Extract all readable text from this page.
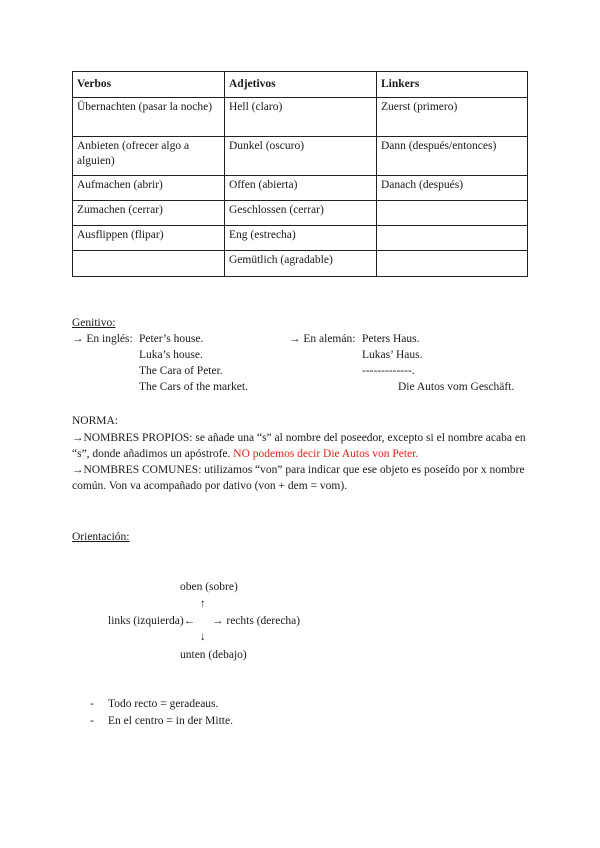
Verbos	Adjetivos	Linkers
Übernachten (pasar la noche)	Hell (claro)	Zuerst (primero)
Anbieten (ofrecer algo a alguien)	Dunkel (oscuro)	Dann (después/entonces)
Aufmachen (abrir)	Offen (abierta)	Danach (después)
Zumachen (cerrar)	Geschlossen (cerrar)	
Ausflippen (flipar)	Eng (estrecha)	
	Gemütlich (agradable)	
Genitivo:
→ En inglés: Peter’s house.
Luka’s house.
The Cara of Peter.
The Cars of the market.
→ En alemán: Peters Haus.
Lukas’ Haus.
-------------.
Die Autos vom Geschäft.
NORMA:
→NOMBRES PROPIOS: se añade una “s” al nombre del poseedor, excepto si el nombre acaba en “s”, donde añadimos un apóstrofe. NO podemos decir Die Autos von Peter.
→NOMBRES COMUNES: utilizamos “von” para indicar que ese objeto es poseído por x nombre común. Von va acompañado por dativo (von + dem = vom).
Orientación:
oben (sobre)
↑
links (izquierda)← → rechts (derecha)
↓
unten (debajo)
- Todo recto = geradeaus.
- En el centro = in der Mitte.
